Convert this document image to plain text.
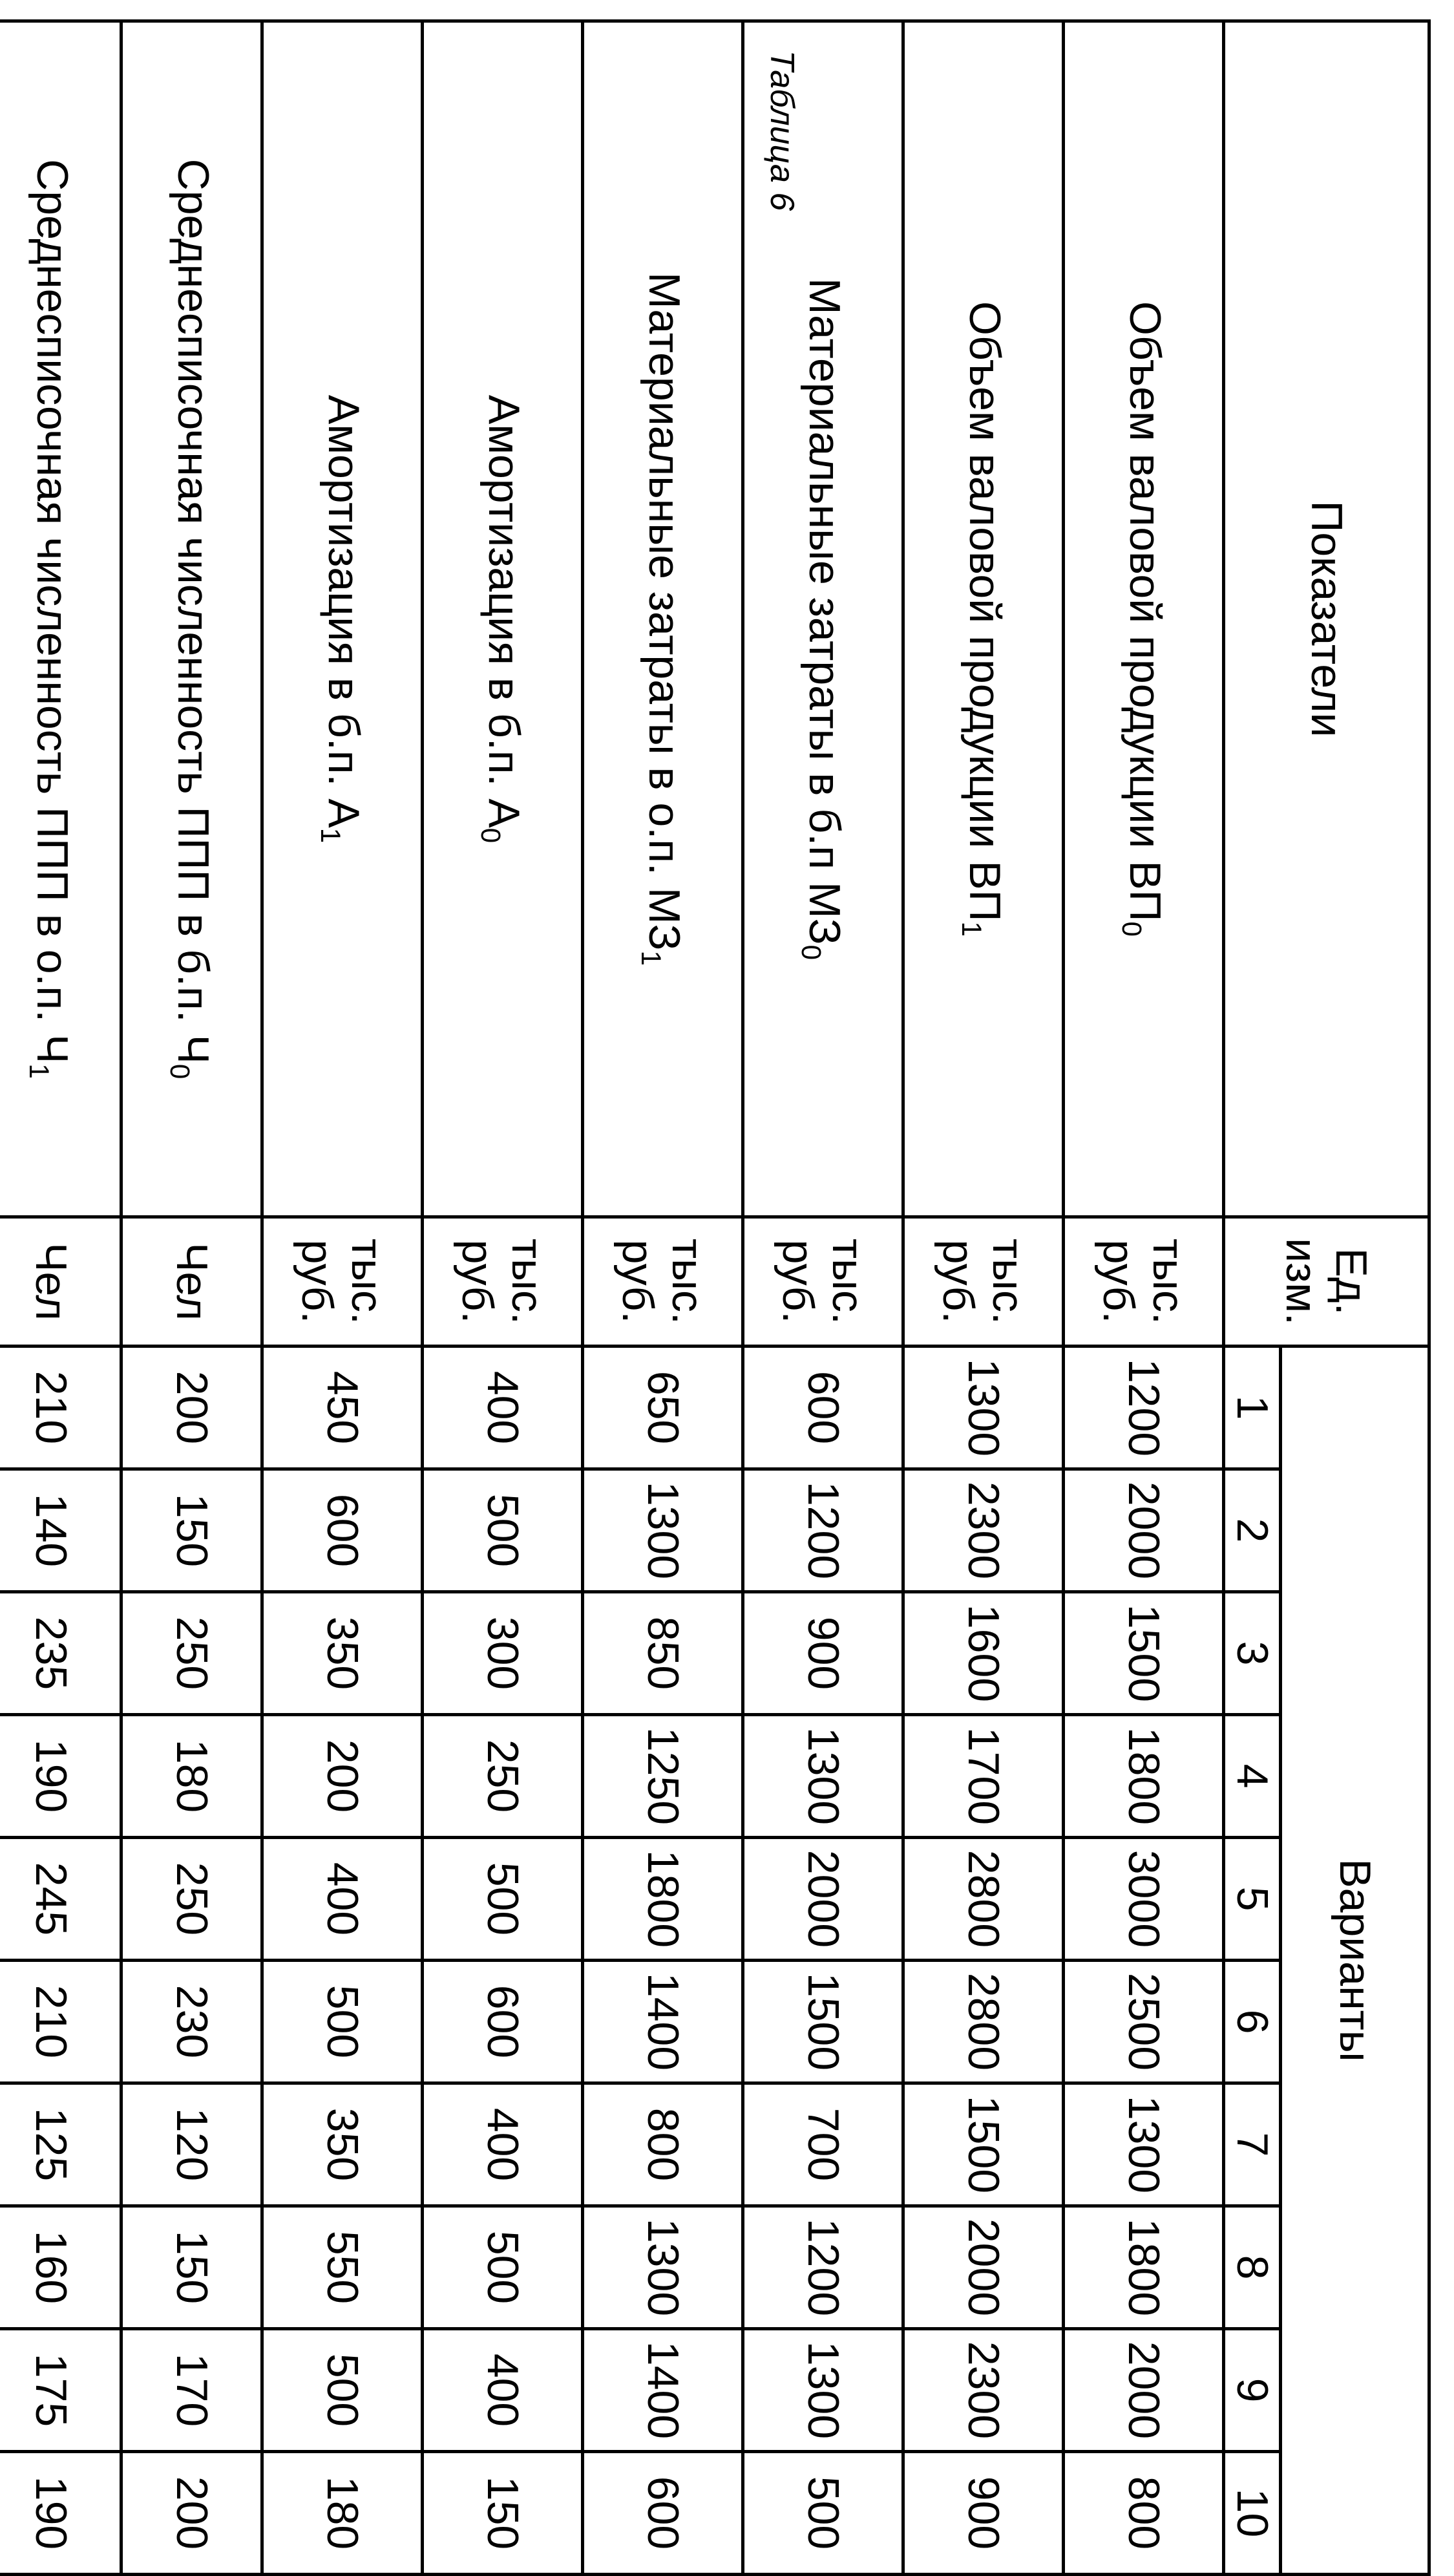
Таблица 6
Показатели	Ед. изм.	Варианты									
		1	2	3	4	5	6	7	8	9	10
Объем валовой продукции $ВП_0$	тыс. руб.	1200	2000	1500	1800	3000	2500	1300	1800	2000	800
Объем валовой продукции $ВП_1$	тыс. руб.	1300	2300	1600	1700	2800	2800	1500	2000	2300	900
Материальные затраты в б.п $МЗ_0$	тыс. руб.	600	1200	900	1300	2000	1500	700	1200	1300	500
Материальные затраты в о.п. $МЗ_1$	тыс. руб.	650	1300	850	1250	1800	1400	800	1300	1400	600
Амортизация в б.п. $А_0$	тыс. руб.	400	500	300	250	500	600	400	500	400	150
Амортизация в б.п. $А_1$	тыс. руб.	450	600	350	200	400	500	350	550	500	180
Среднесписочная численность ППП в б.п. $Ч_0$	Чел	200	150	250	180	250	230	120	150	170	200
Среднесписочная численность ППП в о.п. $Ч_1$	Чел	210	140	235	190	245	210	125	160	175	190
